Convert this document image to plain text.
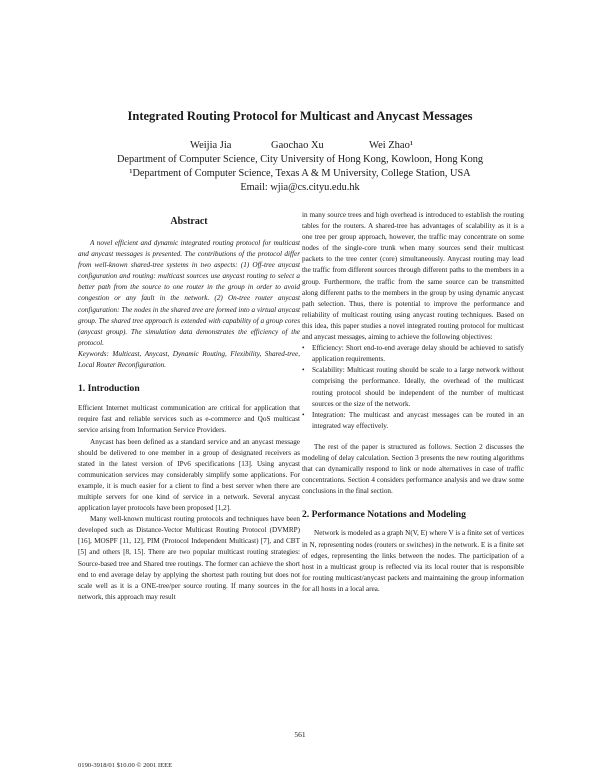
Integrated Routing Protocol for Multicast and Anycast Messages
Weijia Jia	Gaochao Xu	Wei Zhao¹
Department of Computer Science, City University of Hong Kong, Kowloon, Hong Kong
¹Department of Computer Science, Texas A & M University, College Station, USA
Email: wjia@cs.cityu.edu.hk
Abstract

A novel efficient and dynamic integrated routing protocol for multicast and anycast messages is presented. The contributions of the protocol differ from well-known shared-tree systems in two aspects: (1) Off-tree anycast configuration and routing: multicast sources use anycast routing to select a better path from the source to one router in the group in order to avoid congestion or any fault in the network. (2) On-tree router anycast configuration: The nodes in the shared tree are formed into a virtual anycast group. The shared tree approach is extended with capability of a group cores (anycast group). The simulation data demonstrates the efficiency of the protocol.

Keywords: Multicast, Anycast, Dynamic Routing, Flexibility, Shared-tree, Local Router Reconfiguration.

1. Introduction

Efficient Internet multicast communication are critical for application that require fast and reliable services such as e-commerce and QoS multicast service arising from Information Service Providers.

Anycast has been defined as a standard service and an anycast message should be delivered to one member in a group of designated receivers as stated in the latest version of IPv6 specifications [13]. Using anycast communication services may considerably simplify some applications. For example, it is much easier for a client to find a best server when there are multiple servers for one kind of service in a network. Several anycast application layer protocols have been proposed [1,2].

Many well-known multicast routing protocols and techniques have been developed such as Distance-Vector Multicast Routing Protocol (DVMRP) [16], MOSPF [11, 12], PIM (Protocol Independent Multicast) [7], and CBT [5] and others [8, 15]. There are two popular multicast routing strategies: Source-based tree and Shared tree routings. The former can achieve the short end to end average delay by applying the shortest path routing but does not scale well as it is a ONE-tree/per source routing. If many sources in the network, this approach may result

in many source trees and high overhead is introduced to establish the routing tables for the routers. A shared-tree has advantages of scalability as it is a one tree per group approach, however, the traffic may concentrate on some nodes of the single-core trunk when many sources send their multicast packets to the tree center (core) simultaneously. Anycast routing may lead the traffic from different sources through different paths to the members in a group. Furthermore, the traffic from the same source can be transmitted along different paths to the members in the group by using dynamic anycast path selection. Thus, there is potential to improve the performance and reliability of multicast routing using anycast routing techniques. Based on this idea, this paper studies a novel integrated routing protocol for multicast and anycast messages, aiming to achieve the following objectives:

• Efficiency: Short end-to-end average delay should be achieved to satisfy application requirements.
• Scalability: Multicast routing should be scale to a large network without comprising the performance. Ideally, the overhead of the multicast routing protocol should be independent of the number of multicast sources or the size of the network.
• Integration: The multicast and anycast messages can be routed in an integrated way effectively.

The rest of the paper is structured as follows. Section 2 discusses the modeling of delay calculation. Section 3 presents the new routing algorithms that can dynamically respond to link or node alternatives in case of traffic concentrations. Section 4 considers performance analysis and we draw some conclusions in the final section.

2. Performance Notations and Modeling

Network is modeled as a graph N(V, E) where V is a finite set of vertices in N, representing nodes (routers or switches) in the network. E is a finite set of edges, representing the links between the nodes. The participation of a host in a multicast group is reflected via its local router that is responsible for routing multicast/anycast packets and maintaining the group information for all hosts in a local area.

561
0190-3918/01 $10.00 © 2001 IEEE
